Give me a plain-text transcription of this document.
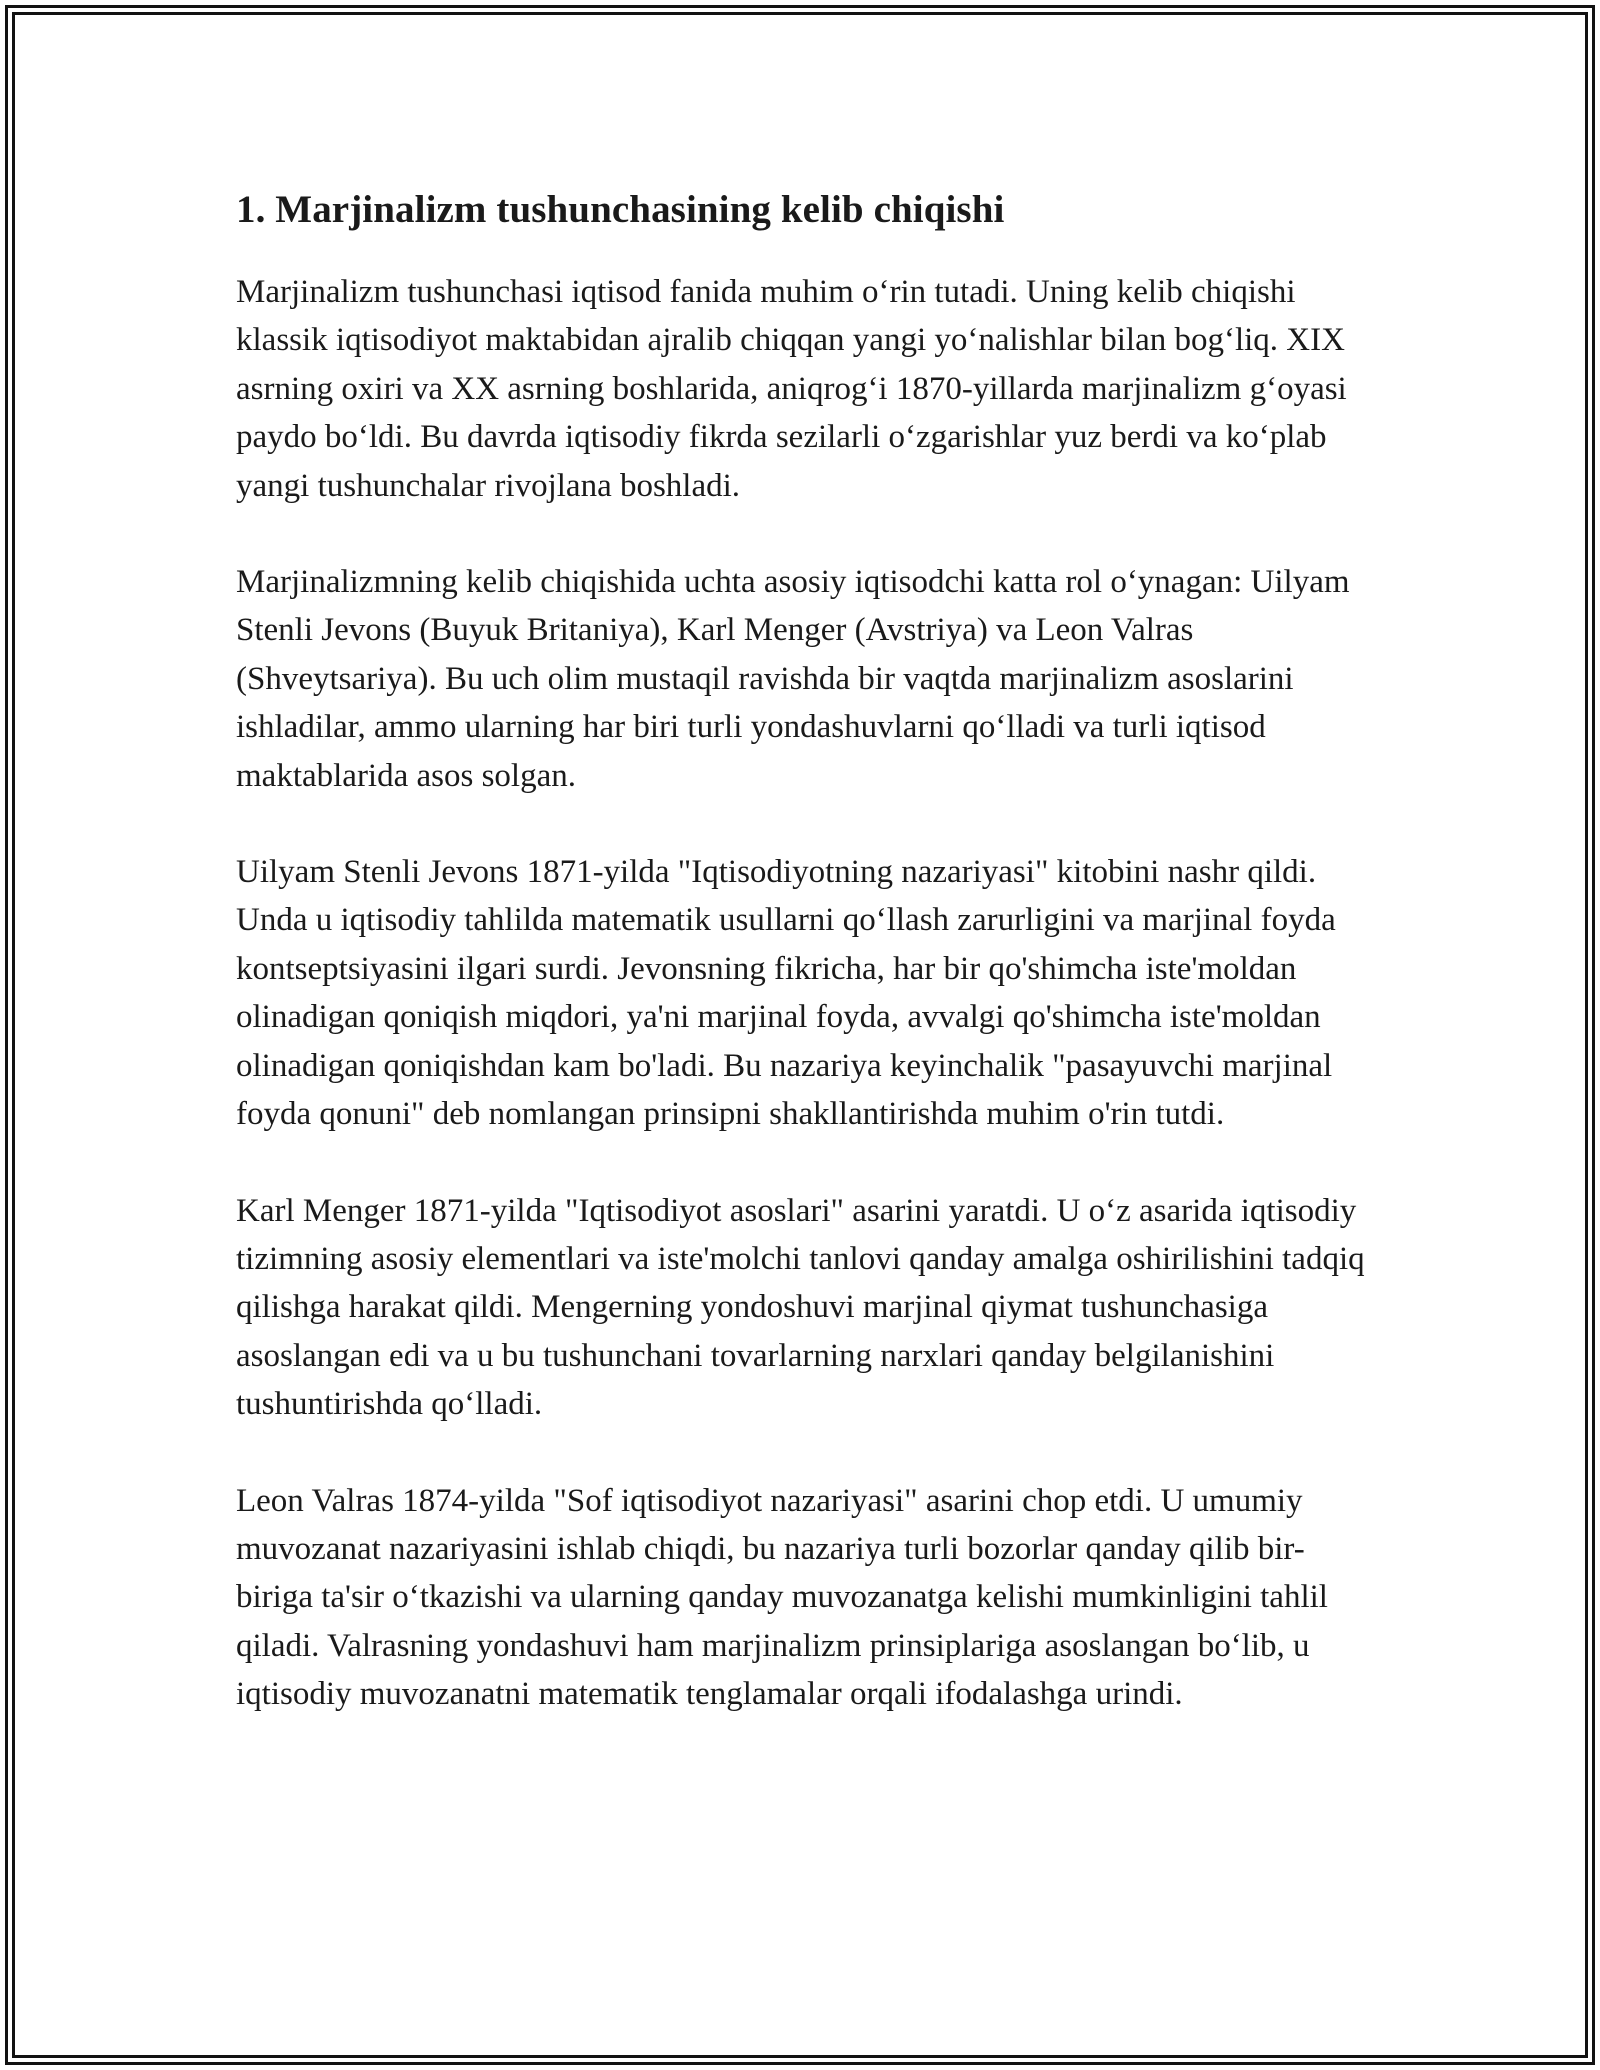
1. Marjinalizm tushunchasining kelib chiqishi

Marjinalizm tushunchasi iqtisod fanida muhim o‘rin tutadi. Uning kelib chiqishi klassik iqtisodiyot maktabidan ajralib chiqqan yangi yo‘nalishlar bilan bog‘liq. XIX asrning oxiri va XX asrning boshlarida, aniqrog‘i 1870-yillarda marjinalizm g‘oyasi paydo bo‘ldi. Bu davrda iqtisodiy fikrda sezilarli o‘zgarishlar yuz berdi va ko‘plab yangi tushunchalar rivojlana boshladi.

Marjinalizmning kelib chiqishida uchta asosiy iqtisodchi katta rol o‘ynagan: Uilyam Stenli Jevons (Buyuk Britaniya), Karl Menger (Avstriya) va Leon Valras (Shveytsariya). Bu uch olim mustaqil ravishda bir vaqtda marjinalizm asoslarini ishladilar, ammo ularning har biri turli yondashuvlarni qo‘lladi va turli iqtisod maktablarida asos solgan.

Uilyam Stenli Jevons 1871-yilda "Iqtisodiyotning nazariyasi" kitobini nashr qildi. Unda u iqtisodiy tahlilda matematik usullarni qo‘llash zarurligini va marjinal foyda kontseptsiyasini ilgari surdi. Jevonsning fikricha, har bir qo'shimcha iste'moldan olinadigan qoniqish miqdori, ya'ni marjinal foyda, avvalgi qo'shimcha iste'moldan olinadigan qoniqishdan kam bo'ladi. Bu nazariya keyinchalik "pasayuvchi marjinal foyda qonuni" deb nomlangan prinsipni shakllantirishda muhim o'rin tutdi.

Karl Menger 1871-yilda "Iqtisodiyot asoslari" asarini yaratdi. U o‘z asarida iqtisodiy tizimning asosiy elementlari va iste'molchi tanlovi qanday amalga oshirilishini tadqiq qilishga harakat qildi. Mengerning yondoshuvi marjinal qiymat tushunchasiga asoslangan edi va u bu tushunchani tovarlarning narxlari qanday belgilanishini tushuntirishda qo‘lladi.

Leon Valras 1874-yilda "Sof iqtisodiyot nazariyasi" asarini chop etdi. U umumiy muvozanat nazariyasini ishlab chiqdi, bu nazariya turli bozorlar qanday qilib bir-biriga ta'sir o‘tkazishi va ularning qanday muvozanatga kelishi mumkinligini tahlil qiladi. Valrasning yondashuvi ham marjinalizm prinsiplariga asoslangan bo‘lib, u iqtisodiy muvozanatni matematik tenglamalar orqali ifodalashga urindi.
